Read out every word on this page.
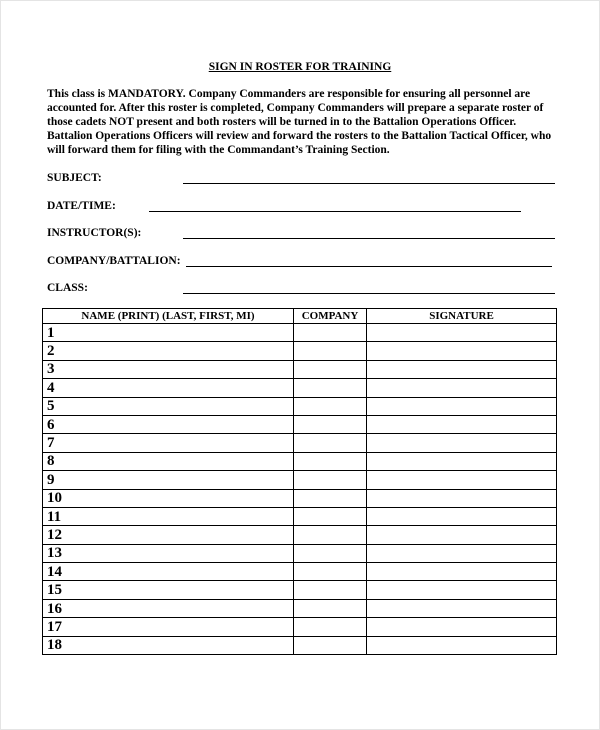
SIGN IN ROSTER FOR TRAINING
This class is MANDATORY. Company Commanders are responsible for ensuring all personnel are
accounted for. After this roster is completed, Company Commanders will prepare a separate roster of
those cadets NOT present and both rosters will be turned in to the Battalion Operations Officer.
Battalion Operations Officers will review and forward the rosters to the Battalion Tactical Officer, who
will forward them for filing with the Commandant’s Training Section.
SUBJECT:
DATE/TIME:
INSTRUCTOR(S):
COMPANY/BATTALION:
CLASS:
NAME (PRINT) (LAST, FIRST, MI)	COMPANY	SIGNATURE
1		
2		
3		
4		
5		
6		
7		
8		
9		
10		
11		
12		
13		
14		
15		
16		
17		
18		
